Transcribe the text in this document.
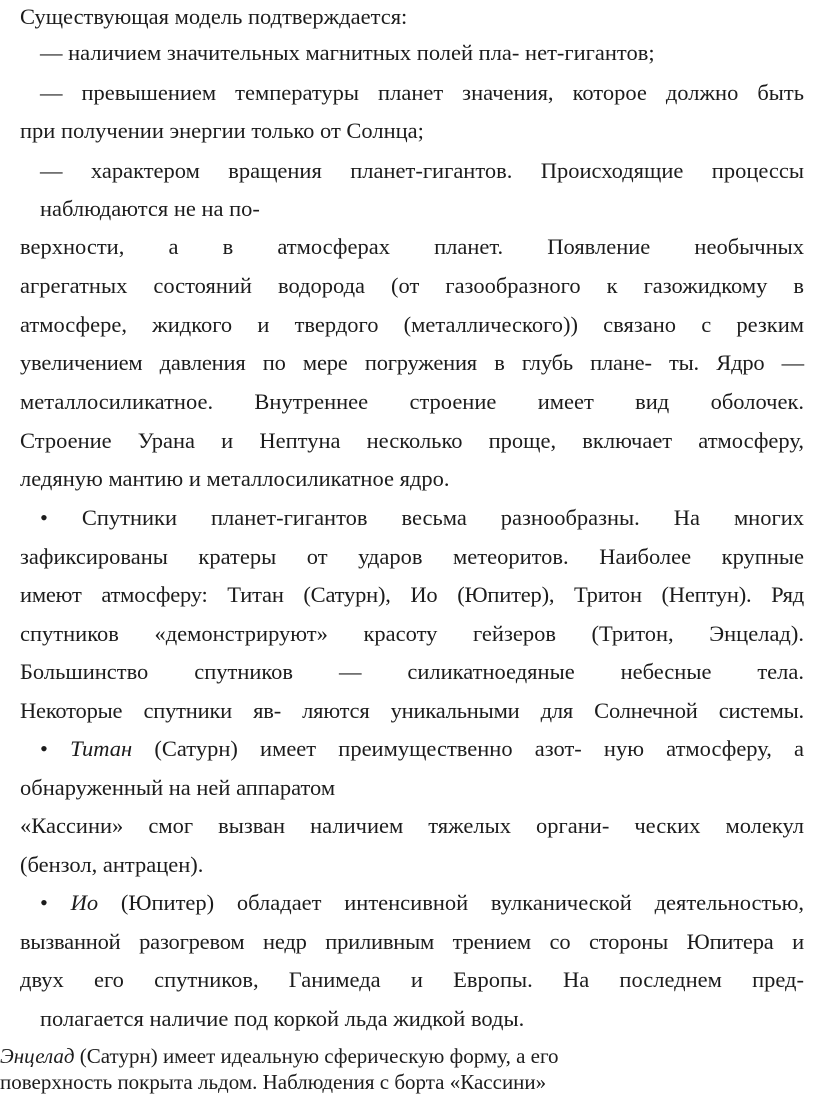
Существующая модель подтверждается:
— наличием значительных магнитных полей пла- нет-гигантов;
— превышением температуры планет значения, которое должно быть
при получении энергии только от Солнца;
— характером вращения планет-гигантов. Происходящие процессы
наблюдаются не на по-
верхности, а в атмосферах планет. Появление необычных
агрегатных состояний водорода (от газообразного к газожидкому в
атмосфере, жидкого и твердого (металлического)) связано с резким
увеличением давления по мере погружения в глубь плане- ты. Ядро —
металлосиликатное. Внутреннее строение имеет вид оболочек.
Строение Урана и Нептуна несколько проще, включает атмосферу,
ледяную мантию и металлосиликатное ядро.
• Спутники планет-гигантов весьма разнообразны. На многих
зафиксированы кратеры от ударов метеоритов. Наиболее крупные
имеют атмосферу: Титан (Сатурн), Ио (Юпитер), Тритон (Нептун). Ряд
спутников «демонстрируют» красоту гейзеров (Тритон, Энцелад).
Большинство спутников — силикатноедяные небесные тела.
Некоторые спутники яв- ляются уникальными для Солнечной системы.
• Титан (Сатурн) имеет преимущественно азот- ную атмосферу, а
обнаруженный на ней аппаратом
«Кассини» смог вызван наличием тяжелых органи- ческих молекул
(бензол, антрацен).
• Ио (Юпитер) обладает интенсивной вулканической деятельностью,
вызванной разогревом недр приливным трением со стороны Юпитера и
двух его спутников, Ганимеда и Европы. На последнем пред-
полагается наличие под коркой льда жидкой воды.
Энцелад (Сатурн) имеет идеальную сферическую форму, а его
поверхность покрыта льдом. Наблюдения с борта «Кассини»
